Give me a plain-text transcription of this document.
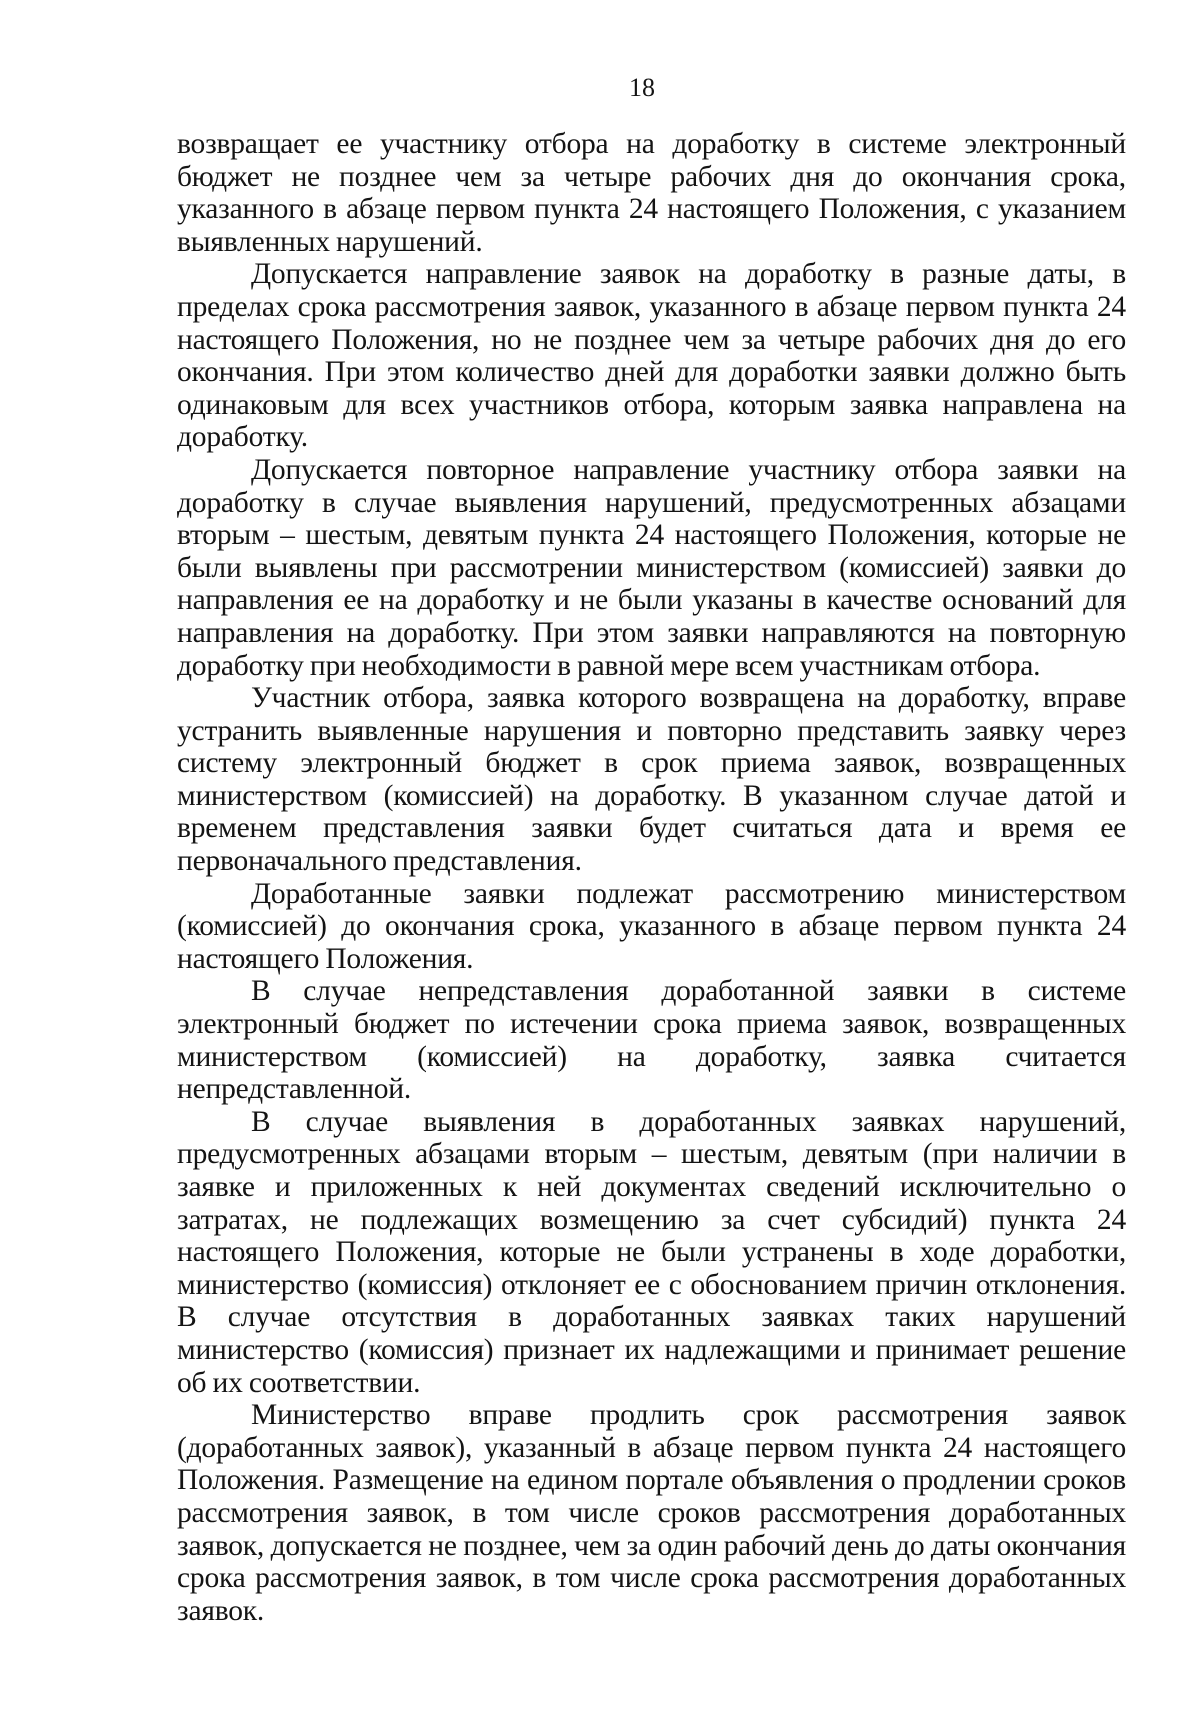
18

возвращает ее участнику отбора на доработку в системе электронный бюджет не позднее чем за четыре рабочих дня до окончания срока, указанного в абзаце первом пункта 24 настоящего Положения, с указанием выявленных нарушений.

Допускается направление заявок на доработку в разные даты, в пределах срока рассмотрения заявок, указанного в абзаце первом пункта 24 настоящего Положения, но не позднее чем за четыре рабочих дня до его окончания. При этом количество дней для доработки заявки должно быть одинаковым для всех участников отбора, которым заявка направлена на доработку.

Допускается повторное направление участнику отбора заявки на доработку в случае выявления нарушений, предусмотренных абзацами вторым – шестым, девятым пункта 24 настоящего Положения, которые не были выявлены при рассмотрении министерством (комиссией) заявки до направления ее на доработку и не были указаны в качестве оснований для направления на доработку. При этом заявки направляются на повторную доработку при необходимости в равной мере всем участникам отбора.

Участник отбора, заявка которого возвращена на доработку, вправе устранить выявленные нарушения и повторно представить заявку через систему электронный бюджет в срок приема заявок, возвращенных министерством (комиссией) на доработку. В указанном случае датой и временем представления заявки будет считаться дата и время ее первоначального представления.

Доработанные заявки подлежат рассмотрению министерством (комиссией) до окончания срока, указанного в абзаце первом пункта 24 настоящего Положения.

В случае непредставления доработанной заявки в системе электронный бюджет по истечении срока приема заявок, возвращенных министерством (комиссией) на доработку, заявка считается непредставленной.

В случае выявления в доработанных заявках нарушений, предусмотренных абзацами вторым – шестым, девятым (при наличии в заявке и приложенных к ней документах сведений исключительно о затратах, не подлежащих возмещению за счет субсидий) пункта 24 настоящего Положения, которые не были устранены в ходе доработки, министерство (комиссия) отклоняет ее с обоснованием причин отклонения. В случае отсутствия в доработанных заявках таких нарушений министерство (комиссия) признает их надлежащими и принимает решение об их соответствии.

Министерство вправе продлить срок рассмотрения заявок (доработанных заявок), указанный в абзаце первом пункта 24 настоящего Положения. Размещение на едином портале объявления о продлении сроков рассмотрения заявок, в том числе сроков рассмотрения доработанных заявок, допускается не позднее, чем за один рабочий день до даты окончания срока рассмотрения заявок, в том числе срока рассмотрения доработанных заявок.
